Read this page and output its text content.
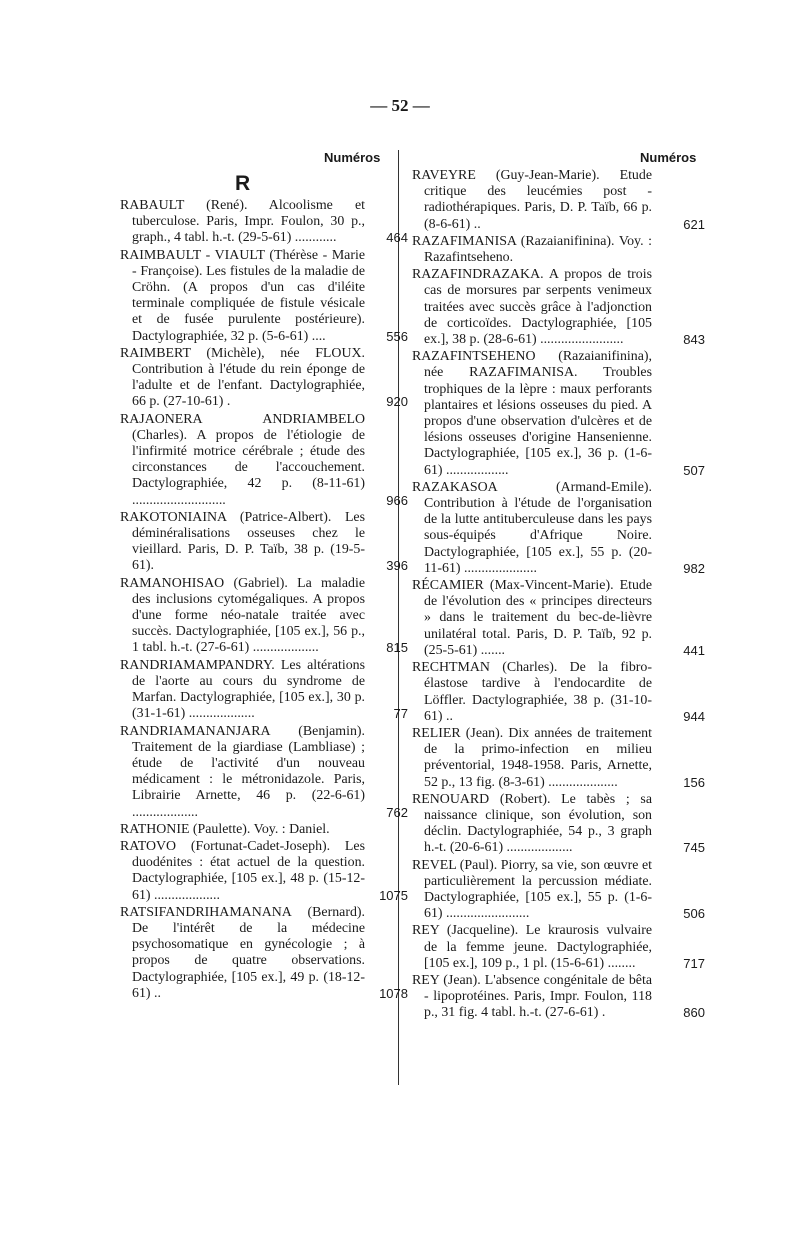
— 52 —
Numéros	Numéros
R
RABAULT (René). Alcoolisme et tuberculose. Paris, Impr. Foulon, 30 p., graph., 4 tabl. h.-t. (29-5-61) ............	464
RAIMBAULT - VIAULT (Thérèse - Marie - Françoise). Les fistules de la maladie de Cröhn. (A propos d'un cas d'iléite terminale compliquée de fistule vésicale et de fusée purulente postérieure). Dactylographiée, 32 p. (5-6-61) ....	556
RAIMBERT (Michèle), née FLOUX. Contribution à l'étude du rein éponge de l'adulte et de l'enfant. Dactylographiée, 66 p. (27-10-61) .	920
RAJAONERA ANDRIAMBELO (Charles). A propos de l'étiologie de l'infirmité motrice cérébrale ; étude des circonstances de l'accouchement. Dactylographiée, 42 p. (8-11-61) ...........................	966
RAKOTONIAINA (Patrice-Albert). Les déminéralisations osseuses chez le vieillard. Paris, D. P. Taïb, 38 p. (19-5-61).	396
RAMANOHISAO (Gabriel). La maladie des inclusions cytomégaliques. A propos d'une forme néo-natale traitée avec succès. Dactylographiée, [105 ex.], 56 p., 1 tabl. h.-t. (27-6-61) ...................	815
RANDRIAMAMPANDRY. Les altérations de l'aorte au cours du syndrome de Marfan. Dactylographiée, [105 ex.], 30 p. (31-1-61) ...................	77
RANDRIAMANANJARA (Benjamin). Traitement de la giardiase (Lambliase) ; étude de l'activité d'un nouveau médicament : le métronidazole. Paris, Librairie Arnette, 46 p. (22-6-61) ...................	762
RATHONIE (Paulette). Voy. : Daniel.
RATOVO (Fortunat-Cadet-Joseph). Les duodénites : état actuel de la question. Dactylographiée, [105 ex.], 48 p. (15-12-61) ...................	1075
RATSIFANDRIHAMANANA (Bernard). De l'intérêt de la médecine psychosomatique en gynécologie ; à propos de quatre observations. Dactylographiée, [105 ex.], 49 p. (18-12-61) ..	1078
RAVEYRE (Guy-Jean-Marie). Etude critique des leucémies post - radiothérapiques. Paris, D. P. Taïb, 66 p. (8-6-61) ..	621
RAZAFIMANISA (Razaianifinina). Voy. : Razafintseheno.
RAZAFINDRAZAKA. A propos de trois cas de morsures par serpents venimeux traitées avec succès grâce à l'adjonction de corticoïdes. Dactylographiée, [105 ex.], 38 p. (28-6-61) ........................	843
RAZAFINTSEHENO (Razaianifinina), née RAZAFIMANISA. Troubles trophiques de la lèpre : maux perforants plantaires et lésions osseuses du pied. A propos d'une observation d'ulcères et de lésions osseuses d'origine Hansenienne. Dactylographiée, [105 ex.], 36 p. (1-6-61) ..................	507
RAZAKASOA (Armand-Emile). Contribution à l'étude de l'organisation de la lutte antituberculeuse dans les pays sous-équipés d'Afrique Noire. Dactylographiée, [105 ex.], 55 p. (20-11-61) .....................	982
RÉCAMIER (Max-Vincent-Marie). Etude de l'évolution des « principes directeurs » dans le traitement du bec-de-lièvre unilatéral total. Paris, D. P. Taïb, 92 p. (25-5-61) .......	441
RECHTMAN (Charles). De la fibro-élastose tardive à l'endocardite de Löffler. Dactylographiée, 38 p. (31-10-61) ..	944
RELIER (Jean). Dix années de traitement de la primo-infection en milieu préventorial, 1948-1958. Paris, Arnette, 52 p., 13 fig. (8-3-61) ....................	156
RENOUARD (Robert). Le tabès ; sa naissance clinique, son évolution, son déclin. Dactylographiée, 54 p., 3 graph h.-t. (20-6-61) ...................	745
REVEL (Paul). Piorry, sa vie, son œuvre et particulièrement la percussion médiate. Dactylographiée, [105 ex.], 55 p. (1-6-61) ........................	506
REY (Jacqueline). Le kraurosis vulvaire de la femme jeune. Dactylographiée, [105 ex.], 109 p., 1 pl. (15-6-61) ........	717
REY (Jean). L'absence congénitale de bêta - lipoprotéines. Paris, Impr. Foulon, 118 p., 31 fig. 4 tabl. h.-t. (27-6-61) .	860
